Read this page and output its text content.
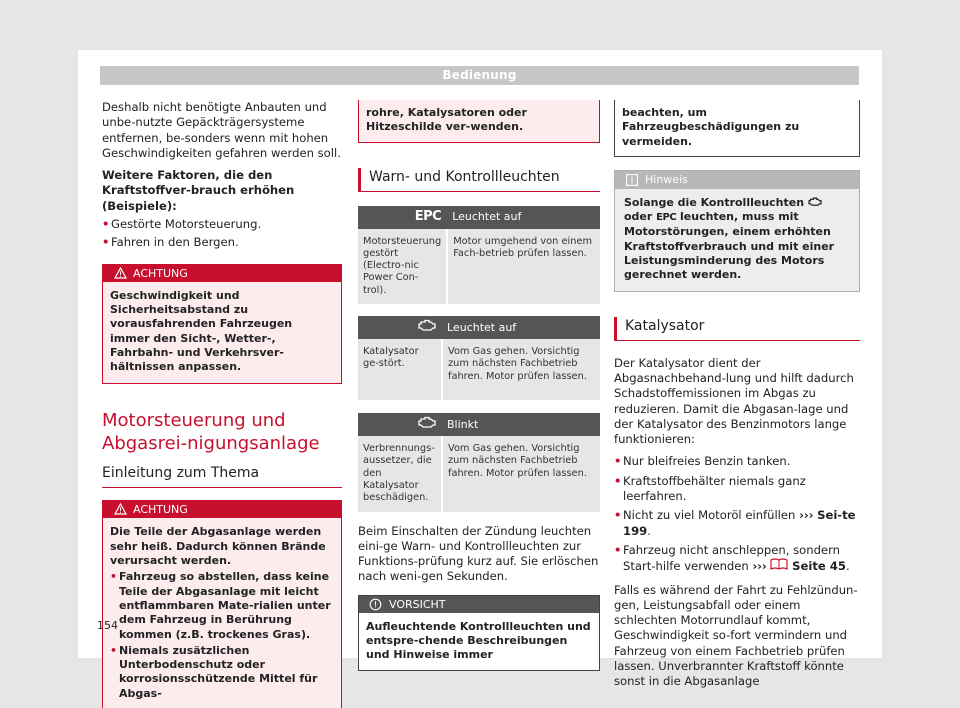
Bedienung

Deshalb nicht benötigte Anbauten und unbe-nutzte Gepäckträgersysteme entfernen, be-sonders wenn mit hohen Geschwindigkeiten gefahren werden soll.

Weitere Faktoren, die den Kraftstoffver-brauch erhöhen (Beispiele):
• Gestörte Motorsteuerung.
• Fahren in den Bergen.
ACHTUNG
Geschwindigkeit und Sicherheitsabstand zu vorausfahrenden Fahrzeugen immer den Sicht-, Wetter-, Fahrbahn- und Verkehrsver-hältnissen anpassen.
Motorsteuerung und Abgasrei-nigungsanlage
Einleitung zum Thema
ACHTUNG
Die Teile der Abgasanlage werden sehr heiß. Dadurch können Brände verursacht werden.
• Fahrzeug so abstellen, dass keine Teile der Abgasanlage mit leicht entflammbaren Mate-rialien unter dem Fahrzeug in Berührung kommen (z.B. trockenes Gras).
• Niemals zusätzlichen Unterbodenschutz oder korrosionsschützende Mittel für Abgas-
rohre, Katalysatoren oder Hitzeschilde ver-wenden.
Warn- und Kontrollleuchten
EPC	Leuchtet auf
Motorsteuerung gestört (Electro-nic Power Con-trol).	Motor umgehend von einem Fach-betrieb prüfen lassen.
	Leuchtet auf
Katalysator ge-stört.	Vom Gas gehen. Vorsichtig zum nächsten Fachbetrieb fahren. Motor prüfen lassen.
	Blinkt
Verbrennungs-aussetzer, die den Katalysator beschädigen.	Vom Gas gehen. Vorsichtig zum nächsten Fachbetrieb fahren. Motor prüfen lassen.

Beim Einschalten der Zündung leuchten eini-ge Warn- und Kontrollleuchten zur Funktions-prüfung kurz auf. Sie erlöschen nach weni-gen Sekunden.

VORSICHT
Aufleuchtende Kontrollleuchten und entspre-chende Beschreibungen und Hinweise immer
beachten, um Fahrzeugbeschädigungen zu vermeiden.
Hinweis
Solange die Kontrollleuchten  oder EPC leuchten, muss mit Motorstörungen, einem erhöhten Kraftstoffverbrauch und mit einer Leistungsminderung des Motors gerechnet werden.
Katalysator

Der Katalysator dient der Abgasnachbehand-lung und hilft dadurch Schadstoffemissionen im Abgas zu reduzieren. Damit die Abgasan-lage und der Katalysator des Benzinmotors lange funktionieren:

• Nur bleifreies Benzin tanken.
• Kraftstoffbehälter niemals ganz leerfahren.
• Nicht zu viel Motoröl einfüllen ››› Sei-te 199.
• Fahrzeug nicht anschleppen, sondern Start-hilfe verwenden ››› Seite 45.

Falls es während der Fahrt zu Fehlzündun-gen, Leistungsabfall oder einem schlechten Motorrundlauf kommt, Geschwindigkeit so-fort vermindern und Fahrzeug von einem Fachbetrieb prüfen lassen. Unverbrannter Kraftstoff könnte sonst in die Abgasanlage

154
